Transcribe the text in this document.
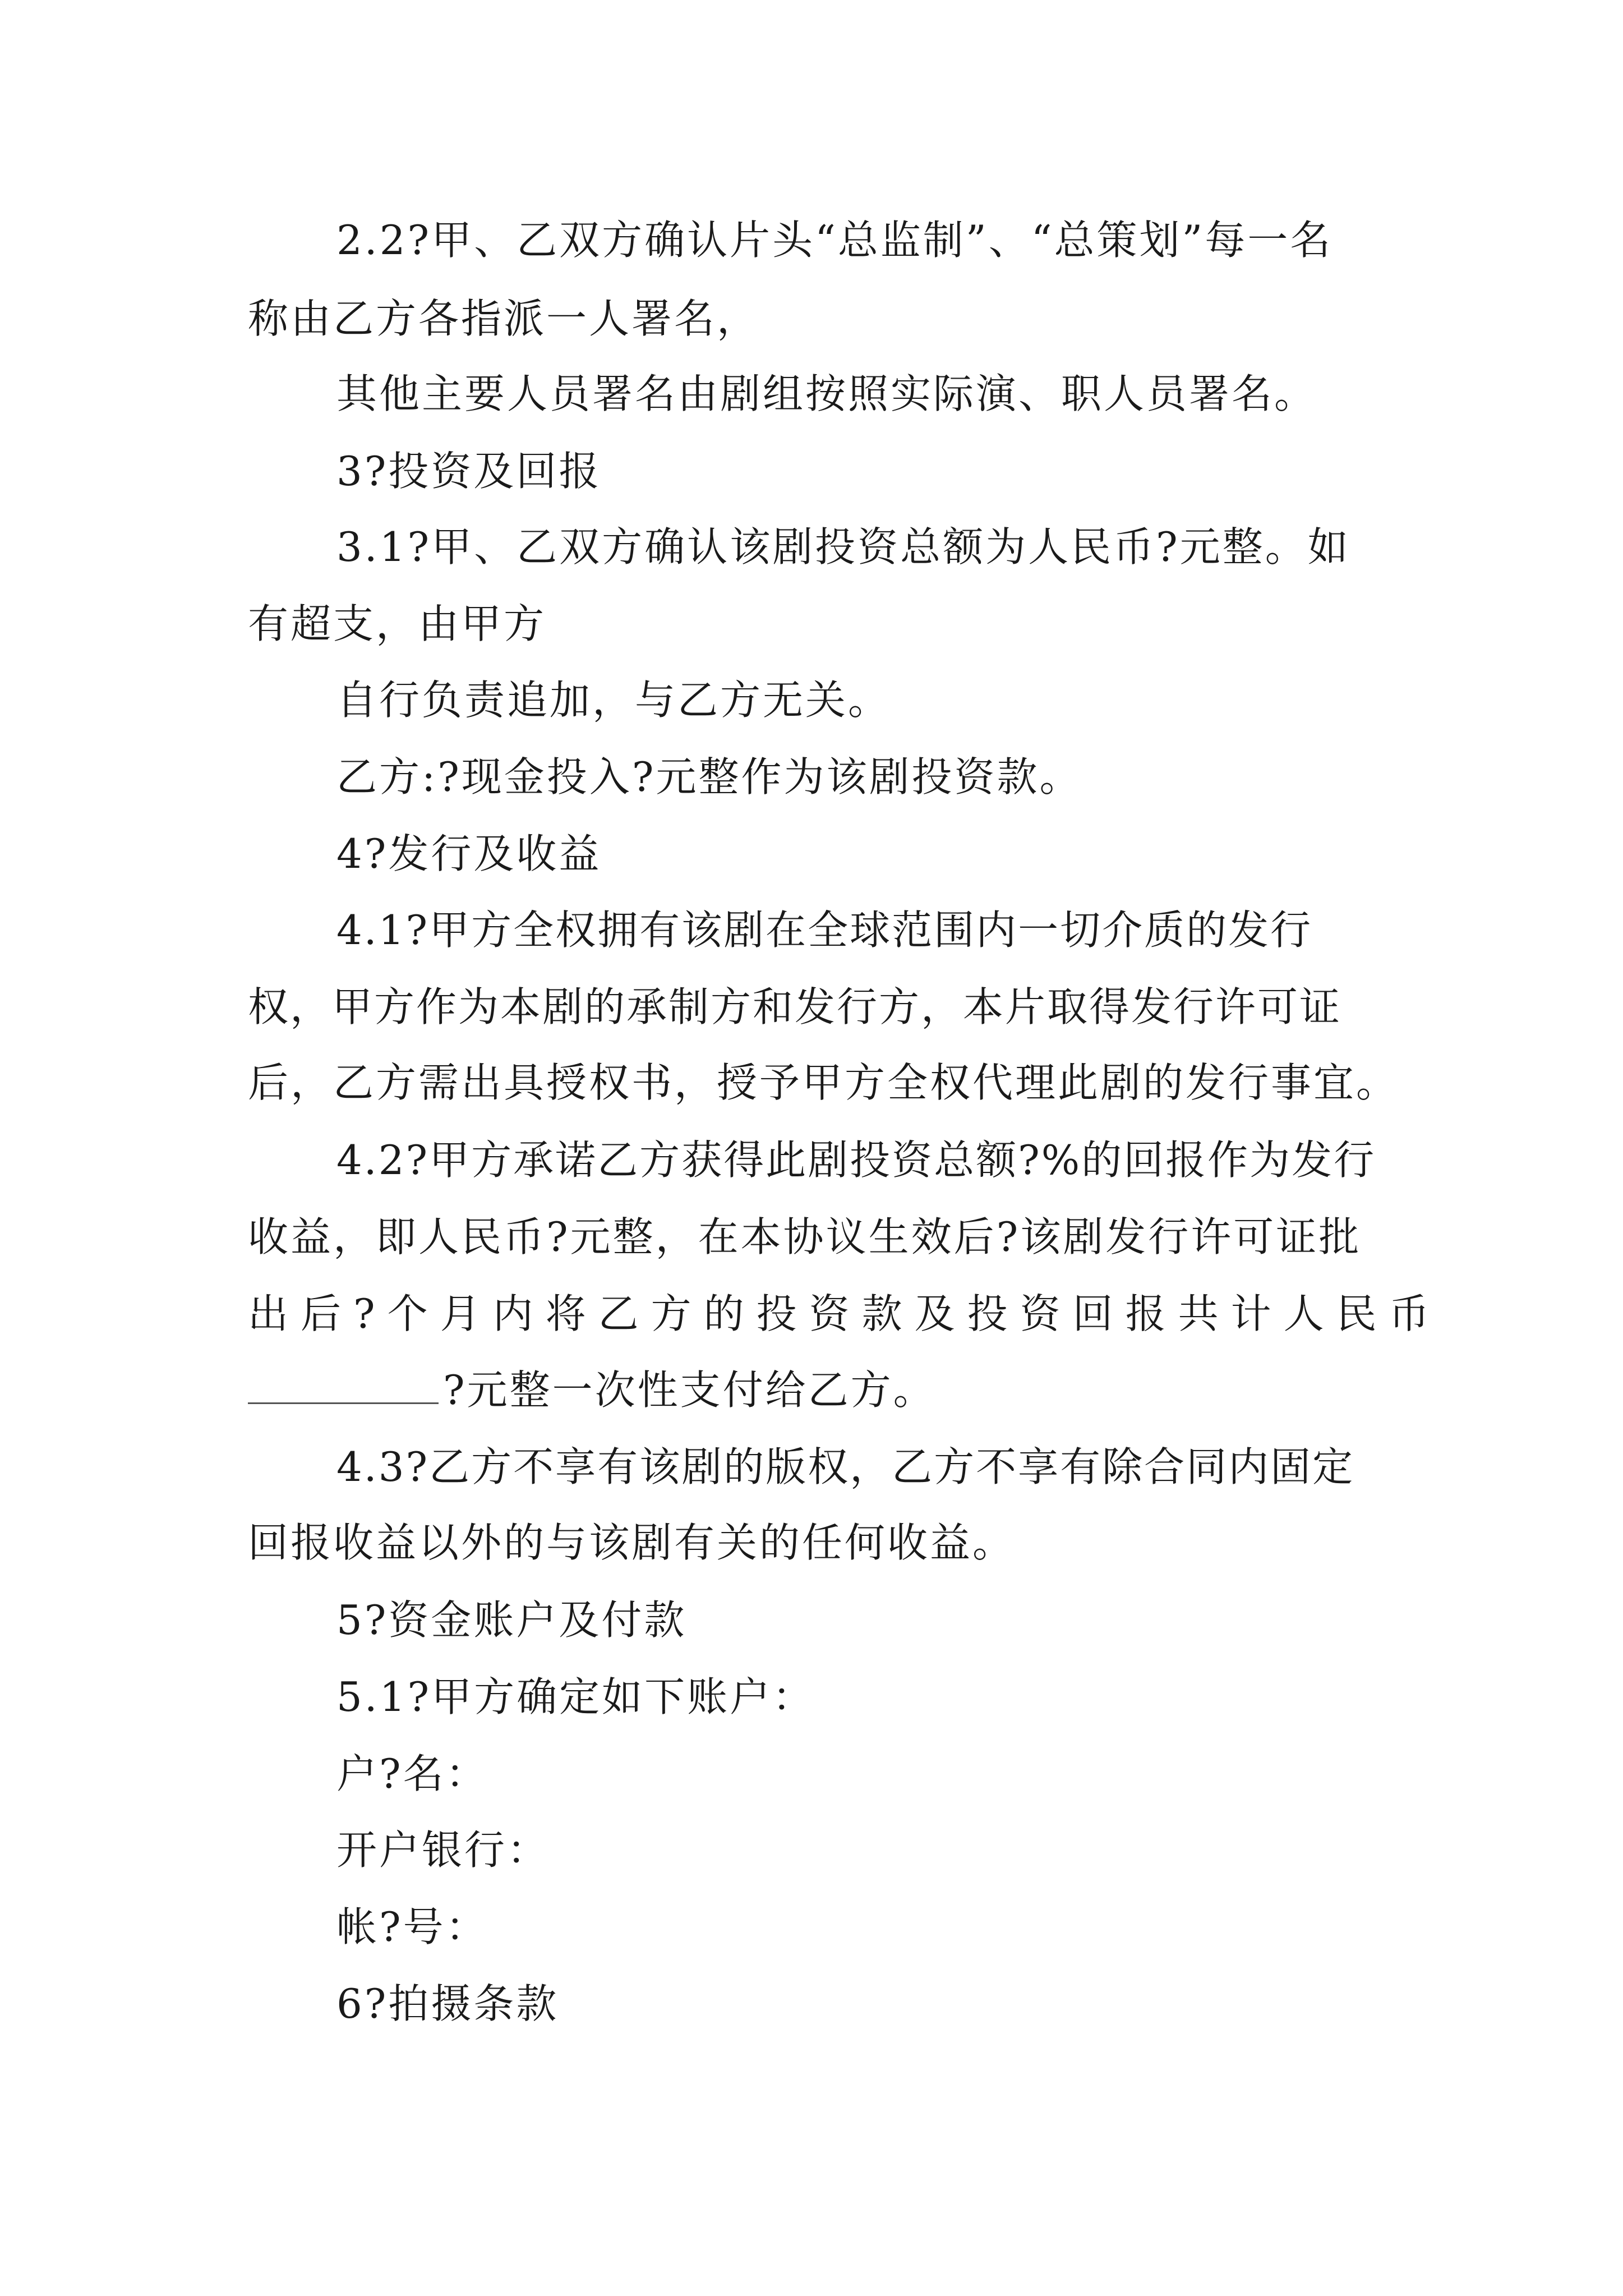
2.2?甲、乙双方确认片头“总监制”、“总策划”每一名
称由乙方各指派一人署名，
其他主要人员署名由剧组按照实际演、职人员署名。
3?投资及回报
3.1?甲、乙双方确认该剧投资总额为人民币?元整。如
有超支，由甲方
自行负责追加，与乙方无关。
乙方:?现金投入?元整作为该剧投资款。
4?发行及收益
4.1?甲方全权拥有该剧在全球范围内一切介质的发行
权，甲方作为本剧的承制方和发行方，本片取得发行许可证
后，乙方需出具授权书，授予甲方全权代理此剧的发行事宜。
4.2?甲方承诺乙方获得此剧投资总额?%的回报作为发行
收益，即人民币?元整，在本协议生效后?该剧发行许可证批
出后?个月内将乙方的投资款及投资回报共计人民币
?元整一次性支付给乙方。
4.3?乙方不享有该剧的版权，乙方不享有除合同内固定
回报收益以外的与该剧有关的任何收益。
5?资金账户及付款
5.1?甲方确定如下账户：
户?名：
开户银行：
帐?号：
6?拍摄条款
